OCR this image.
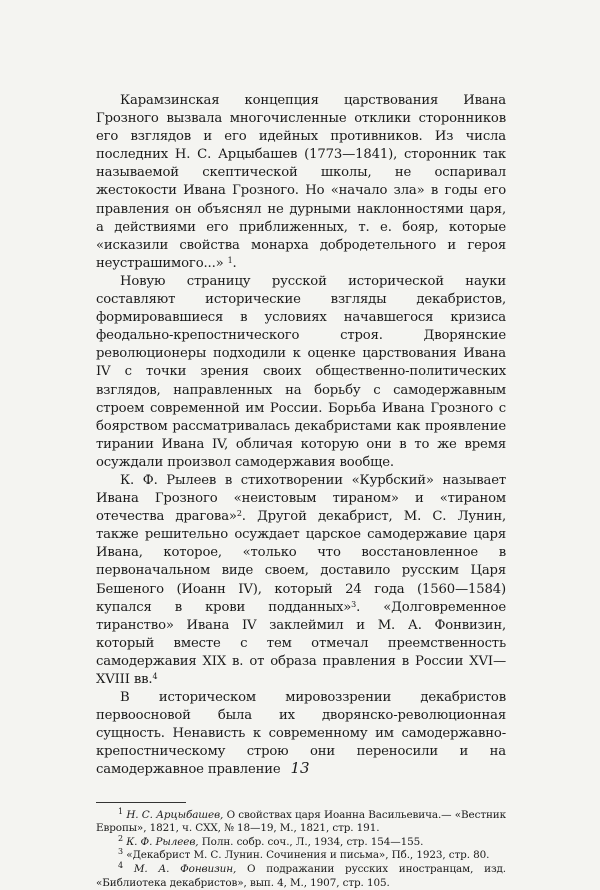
Карамзинская концепция царствования Ивана Грозного вызвала многочисленные отклики сторонников его взглядов и его идейных противников. Из числа последних Н. С. Арцыбашев (1773—1841), сторонник так называемой скептической школы, не оспаривал жестокости Ивана Грозного. Но «начало зла» в годы его правления он объяснял не дурными наклонностями царя, а действиями его приближенных, т. е. бояр, которые «исказили свойства монарха добродетельного и героя неустрашимого...» $^1$.

Новую страницу русской исторической науки составляют исторические взгляды декабристов, формировавшиеся в условиях начавшегося кризиса феодально-крепостнического строя. Дворянские революционеры подходили к оценке царствования Ивана IV с точки зрения своих общественно-политических взглядов, направленных на борьбу с самодержавным строем современной им России. Борьба Ивана Грозного с боярством рассматривалась декабристами как проявление тирании Ивана IV, обличая которую они в то же время осуждали произвол самодержавия вообще.

К. Ф. Рылеев в стихотворении «Курбский» называет Ивана Грозного «неистовым тираном» и «тираном отечества драгова»$^2$. Другой декабрист, М. С. Лунин, также решительно осуждает царское самодержавие царя Ивана, которое, «только что восстановленное в первоначальном виде своем, доставило русским Царя Бешеного (Иоанн IV), который 24 года (1560—1584) купался в крови подданных»$^3$. «Долговременное тиранство» Ивана IV заклеймил и М. А. Фонвизин, который вместе с тем отмечал преемственность самодержавия XIX в. от образа правления в России XVI—XVIII вв.$^4$

В историческом мировоззрении декабристов первоосновой была их дворянско-революционная сущность. Ненависть к современному им самодержавно-крепостническому строю они переносили и на самодержавное правление

$^1$ Н. С. Арцыбашев, О свойствах царя Иоанна Васильевича.— «Вестник Европы», 1821, ч. CXX, № 18—19, М., 1821, стр. 191.

$^2$ К. Ф. Рылеев, Полн. собр. соч., Л., 1934, стр. 154—155.

$^3$ «Декабрист М. С. Лунин. Сочинения и письма», Пб., 1923, стр. 80.

$^4$ М. А. Фонвизин, О подражании русских иностранцам, изд. «Библиотека декабристов», вып. 4, М., 1907, стр. 105.

13
